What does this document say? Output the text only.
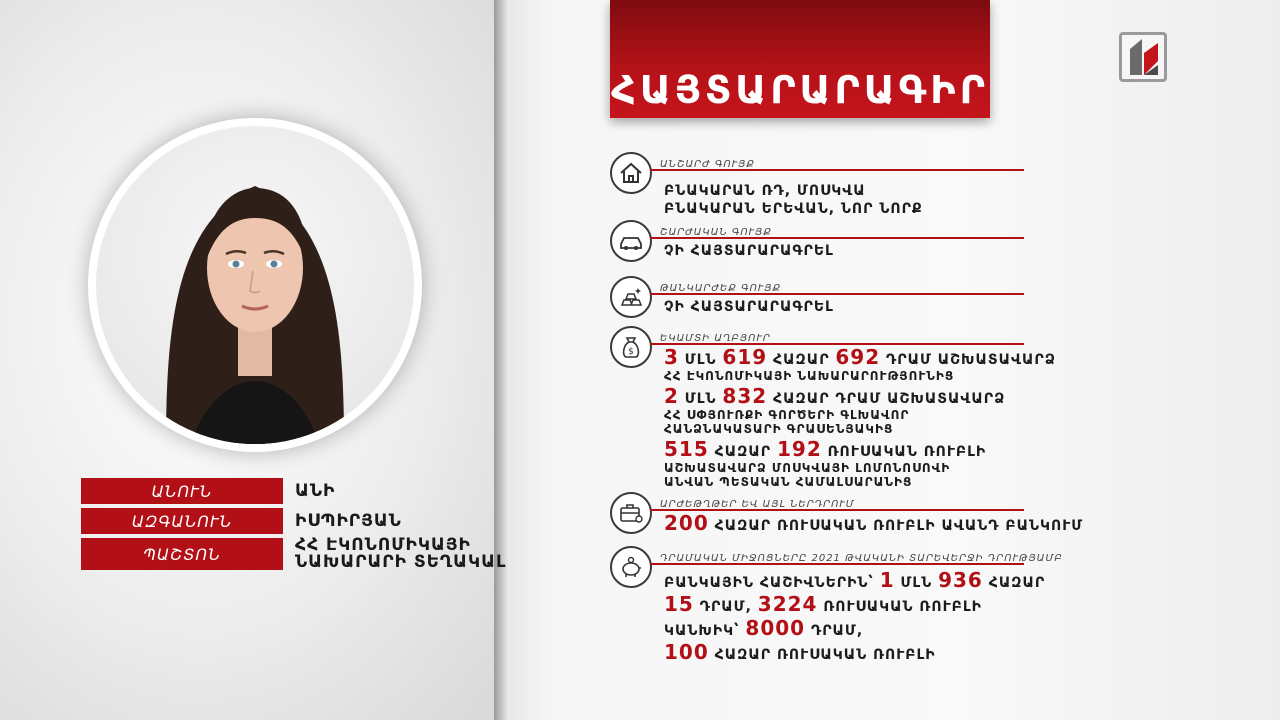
ԱՆՈՒՆ	ԱՆԻ
ԱԶԳԱՆՈՒՆ	ԻՍՊԻՐՅԱՆ
ՊԱՇՏՈՆ	ՀՀ ԷԿՈՆՈՄԻԿԱՅԻ
ՆԱԽԱՐԱՐԻ ՏԵՂԱԿԱԼ
ՀԱՅՏԱՐԱՐԱԳԻՐ
ԱՆՇԱՐԺ ԳՈՒՅՔ
ԲՆԱԿԱՐԱՆ ՌԴ, ՄՈՍԿՎԱ
ԲՆԱԿԱՐԱՆ ԵՐԵՎԱՆ, ՆՈՐ ՆՈՐՔ
ՇԱՐԺԱԿԱՆ ԳՈՒՅՔ
ՉԻ ՀԱՅՏԱՐԱՐԱԳՐԵԼ
ԹԱՆԿԱՐԺԵՔ ԳՈՒՅՔ
ՉԻ ՀԱՅՏԱՐԱՐԱԳՐԵԼ
$
ԵԿԱՄՏԻ ԱՂԲՅՈՒՐ
3 ՄԼՆ 619 ՀԱԶԱՐ 692 ԴՐԱՄ ԱՇԽԱՏԱՎԱՐՁ
ՀՀ ԷԿՈՆՈՄԻԿԱՅԻ ՆԱԽԱՐԱՐՈՒԹՅՈՒՆԻՑ
2 ՄԼՆ 832 ՀԱԶԱՐ ԴՐԱՄ ԱՇԽԱՏԱՎԱՐՁ
ՀՀ ՍՓՅՈՒՌՔԻ ԳՈՐԾԵՐԻ ԳԼԽԱՎՈՐ
ՀԱՆՁՆԱԿԱՏԱՐԻ ԳՐԱՍԵՆՅԱԿԻՑ
515 ՀԱԶԱՐ 192 ՌՈՒՍԱԿԱՆ ՌՈՒԲԼԻ
ԱՇԽԱՏԱՎԱՐՁ ՄՈՍԿՎԱՅԻ ԼՈՄՈՆՈՍՈՎԻ
ԱՆՎԱՆ ՊԵՏԱԿԱՆ ՀԱՄԱԼՍԱՐԱՆԻՑ
ԱՐԺԵԹՂԹԵՐ ԵՎ ԱՅԼ ՆԵՐԴՐՈՒՄ
200 ՀԱԶԱՐ ՌՈՒՍԱԿԱՆ ՌՈՒԲԼԻ ԱՎԱՆԴ ԲԱՆԿՈՒՄ
ԴՐԱՄԱԿԱՆ ՄԻՋՈՑՆԵՐԸ 2021 ԹՎԱԿԱՆԻ ՏԱՐԵՎԵՐՋԻ ԴՐՈՒԹՅԱՄԲ
ԲԱՆԿԱՅԻՆ ՀԱՇԻՎՆԵՐԻՆ՝ 1 ՄԼՆ 936 ՀԱԶԱՐ
15 ԴՐԱՄ, 3224 ՌՈՒՍԱԿԱՆ ՌՈՒԲԼԻ
ԿԱՆԽԻԿ՝ 8000 ԴՐԱՄ,
100 ՀԱԶԱՐ ՌՈՒՍԱԿԱՆ ՌՈՒԲԼԻ
